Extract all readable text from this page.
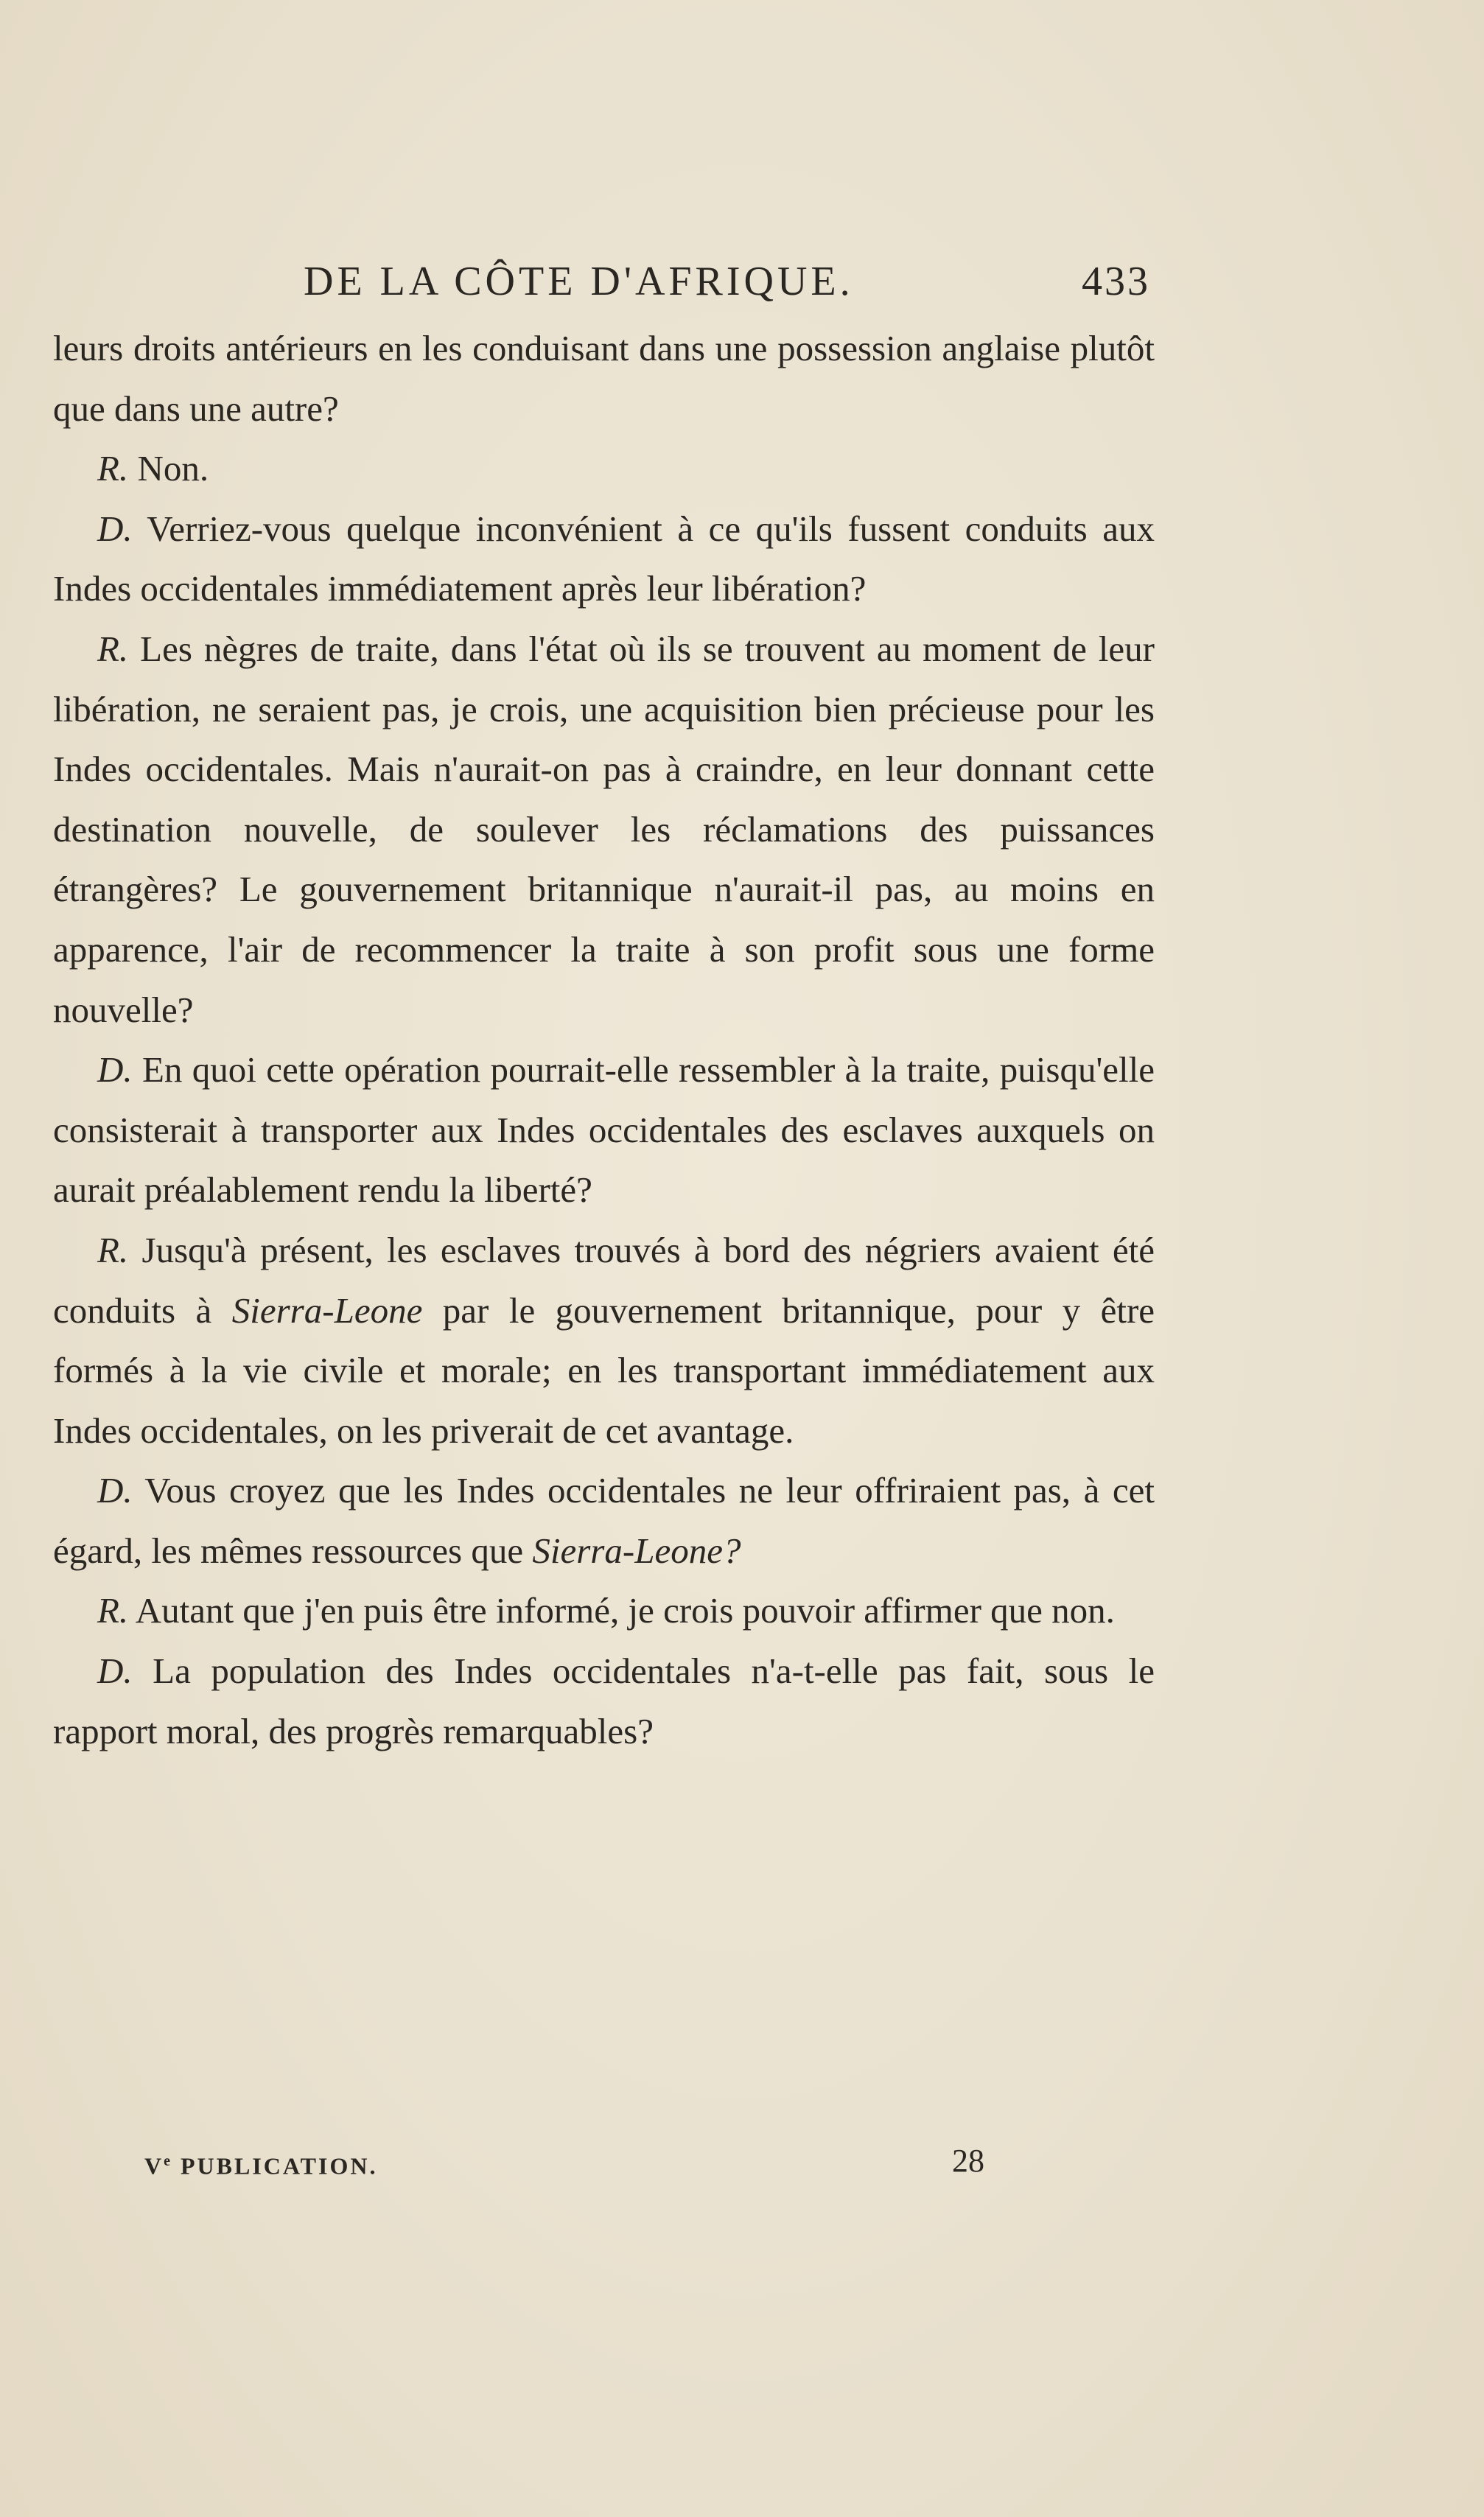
DE LA CÔTE D'AFRIQUE.	433

leurs droits antérieurs en les conduisant dans une possession anglaise plutôt que dans une autre?

R. Non.

D. Verriez-vous quelque inconvénient à ce qu'ils fussent conduits aux Indes occidentales immédiatement après leur libération?

R. Les nègres de traite, dans l'état où ils se trouvent au moment de leur libération, ne seraient pas, je crois, une acquisition bien précieuse pour les Indes occidentales. Mais n'aurait-on pas à craindre, en leur donnant cette destination nouvelle, de soulever les réclamations des puissances étrangères? Le gouvernement britannique n'aurait-il pas, au moins en apparence, l'air de recommencer la traite à son profit sous une forme nouvelle?

D. En quoi cette opération pourrait-elle ressembler à la traite, puisqu'elle consisterait à transporter aux Indes occidentales des esclaves auxquels on aurait préalablement rendu la liberté?

R. Jusqu'à présent, les esclaves trouvés à bord des négriers avaient été conduits à Sierra-Leone par le gouvernement britannique, pour y être formés à la vie civile et morale; en les transportant immédiatement aux Indes occidentales, on les priverait de cet avantage.

D. Vous croyez que les Indes occidentales ne leur offriraient pas, à cet égard, les mêmes ressources que Sierra-Leone?

R. Autant que j'en puis être informé, je crois pouvoir affirmer que non.

D. La population des Indes occidentales n'a-t-elle pas fait, sous le rapport moral, des progrès remarquables?

Ve PUBLICATION.	28
